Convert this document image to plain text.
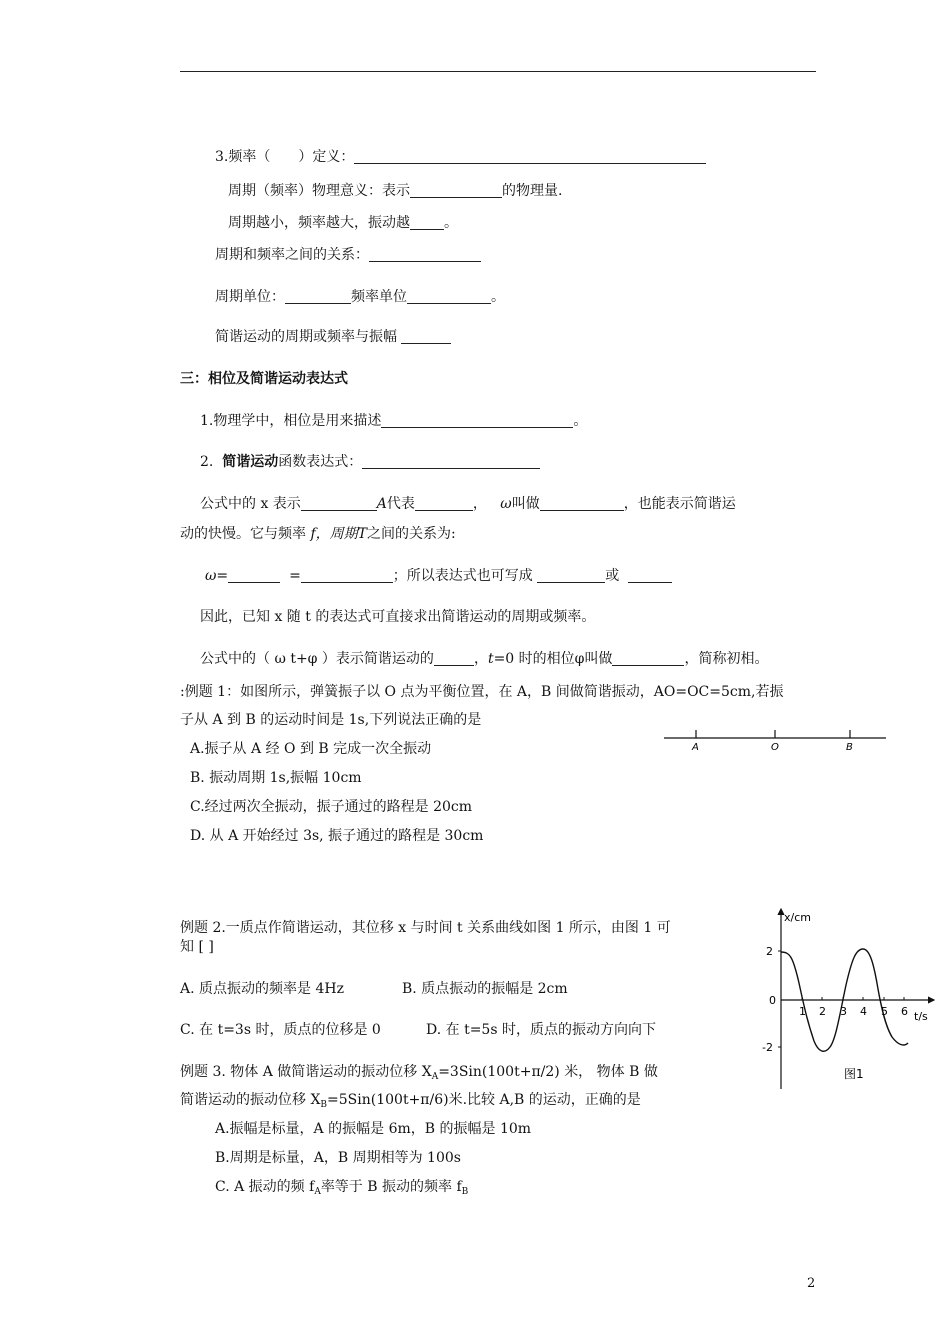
3.频率（　　）定义：
周期（频率）物理意义：表示	的物理量.
周期越小，频率越大，振动越 。
周期和频率之间的关系：
周期单位：	频率单位	。
简谐运动的周期或频率与振幅
三：相位及简谐运动表达式
1.物理学中，相位是用来描述	。
2. 简谐运动函数表达式：
公式中的 x 表示	A代表	， ω叫做	，也能表示简谐运
动的快慢。它与频率 f，周期T之间的关系为:
ω=	=	；所以表达式也可写成	或
因此，已知 x 随 t 的表达式可直接求出简谐运动的周期或频率。
公式中的（ ω t+φ ）表示简谐运动的	，t=0 时的相位φ叫做	，简称初相。
:例题 1：如图所示，弹簧振子以 O 点为平衡位置，在 A，B 间做简谐振动，AO=OC=5cm,若振
子从 A 到 B 的运动时间是 1s,下列说法正确的是
A.振子从 A 经 O 到 B 完成一次全振动
B. 振动周期 1s,振幅 10cm
C.经过两次全振动，振子通过的路程是 20cm
D. 从 A 开始经过 3s, 振子通过的路程是 30cm
A	O	B
例题 2.一质点作简谐运动，其位移 x 与时间 t 关系曲线如图 1 所示，由图 1 可
知 [ ]
A. 质点振动的频率是 4Hz	B. 质点振动的振幅是 2cm
C. 在 t=3s 时，质点的位移是 0	D. 在 t=5s 时，质点的振动方向向下
x/cm
t/s
2
0
-2
1 2 3 4 5 6
图1
例题 3. 物体 A 做简谐运动的振动位移 $X_A=3Sin(100t+\pi/2)$ 米， 物体 B 做
简谐运动的振动位移 $X_B=5Sin(100t+\pi/6)$米.比较 A,B 的运动，正确的是
A.振幅是标量，A 的振幅是 6m，B 的振幅是 10m
B.周期是标量，A，B 周期相等为 100s
C. A 振动的频 $f_A$率等于 B 振动的频率 $f_B$
2
